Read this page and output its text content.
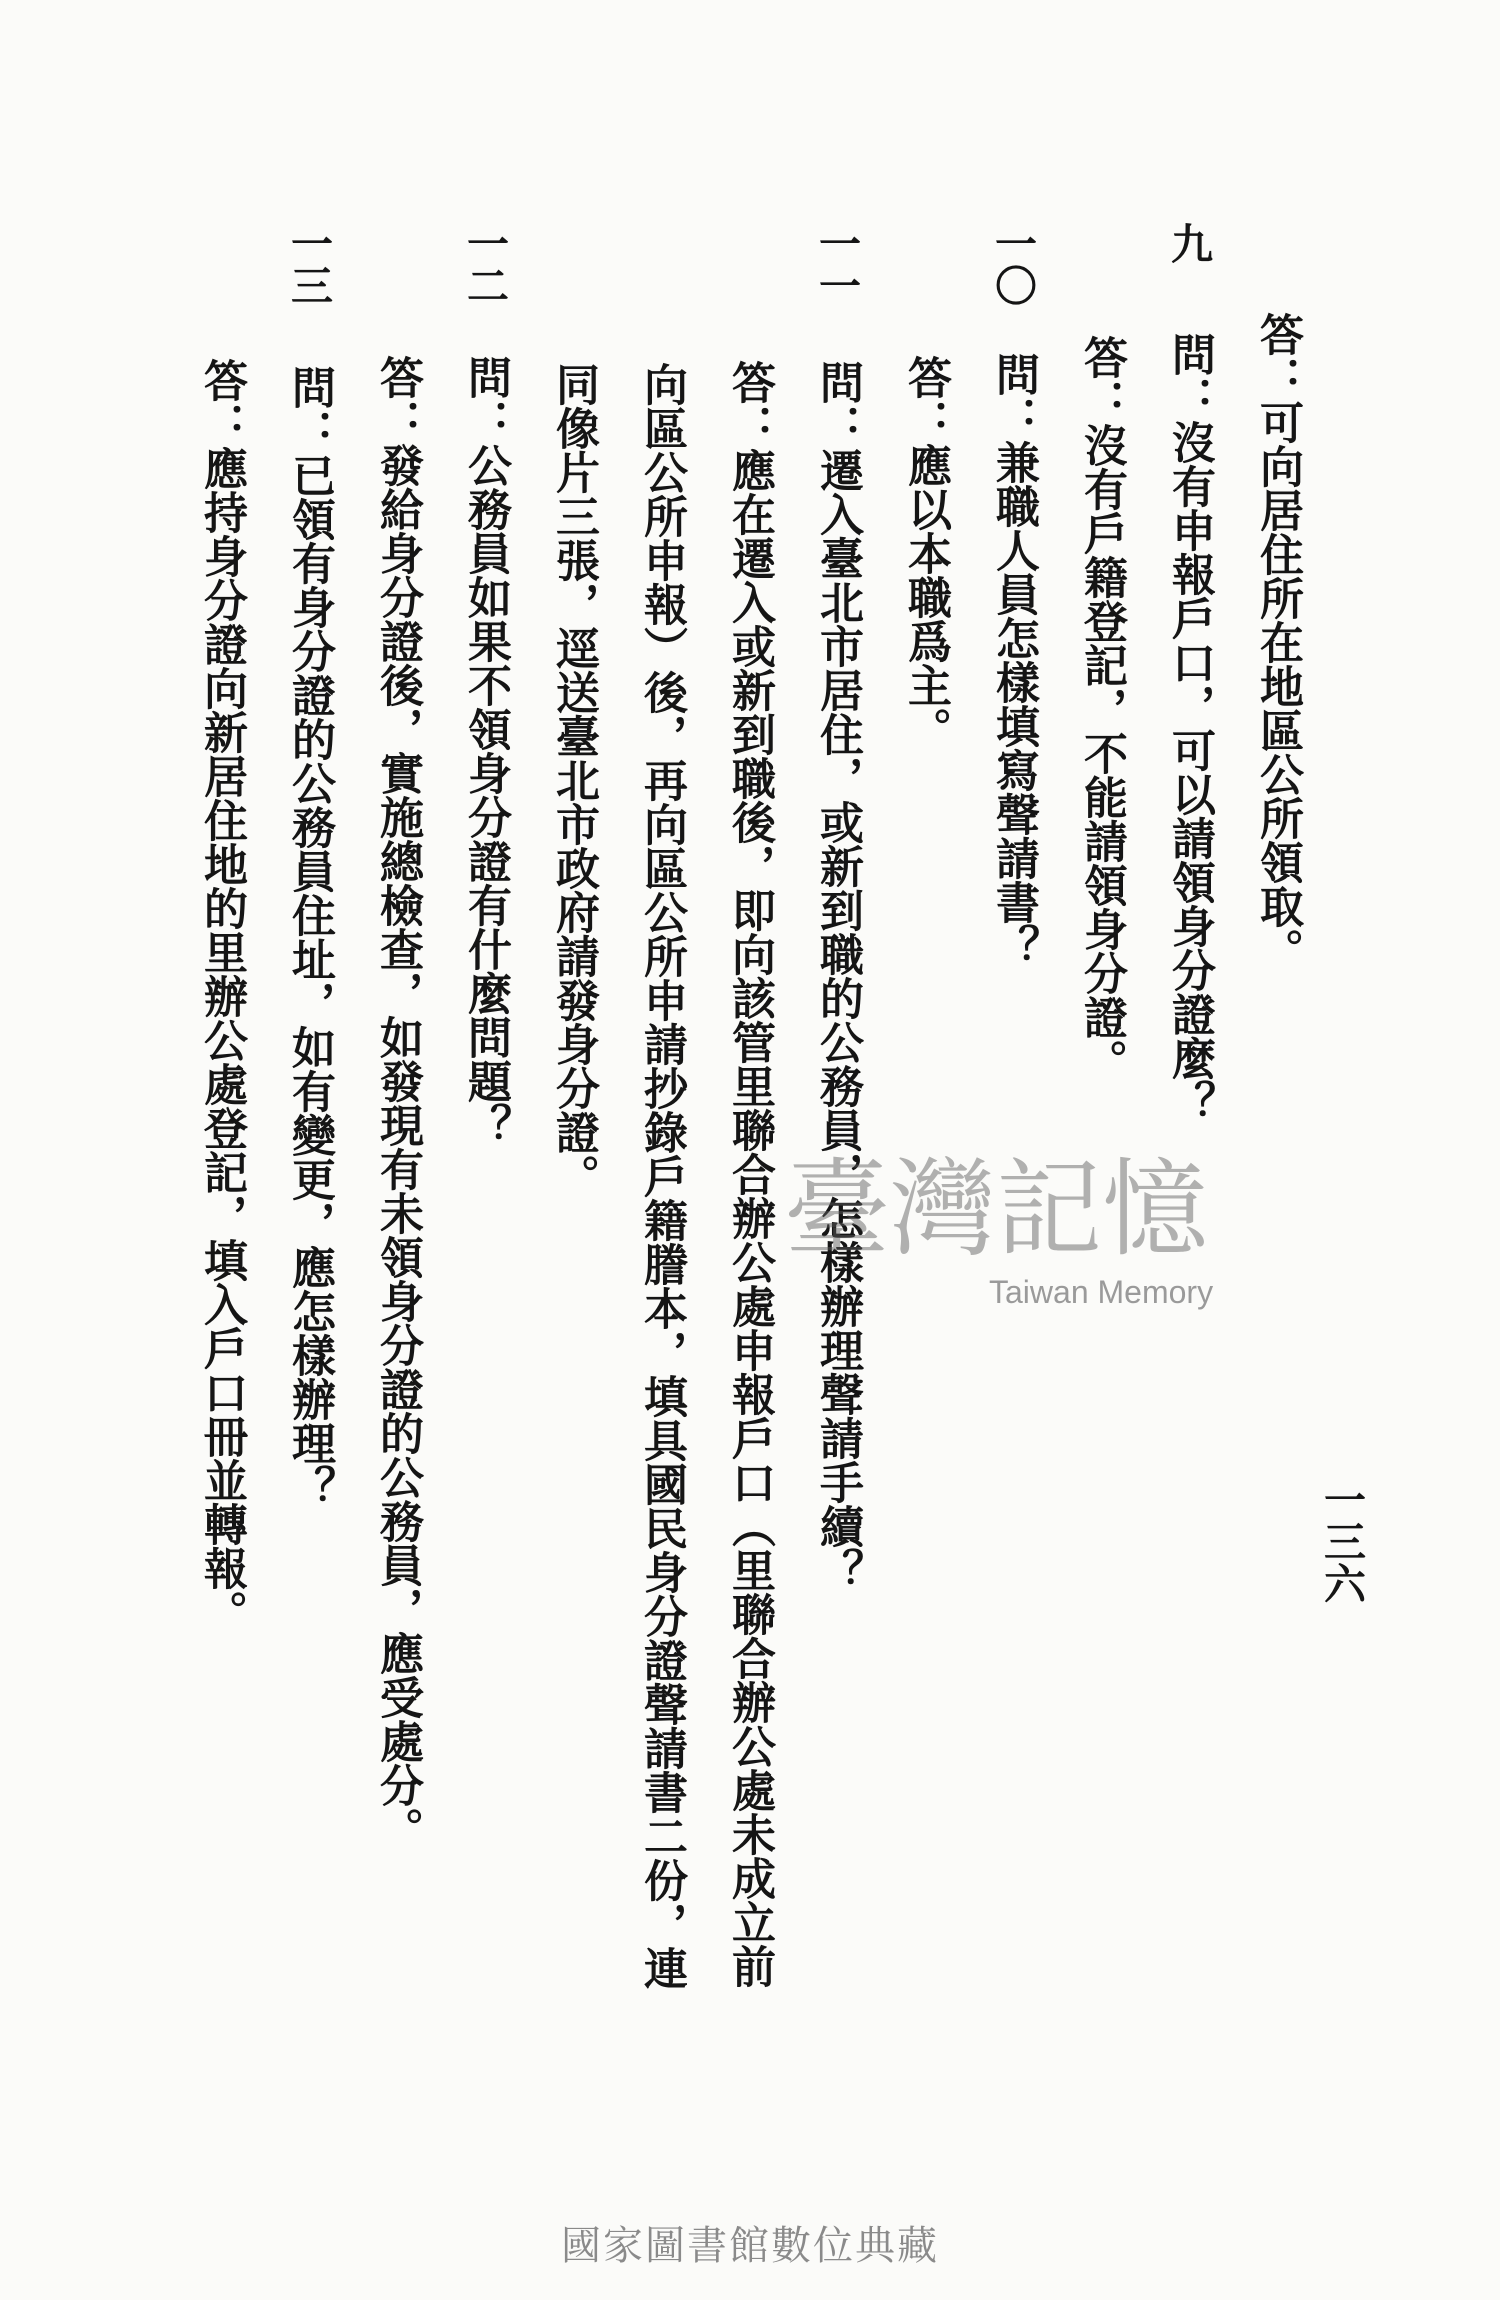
一三六
答：可向居住所在地區公所領取。
九
問：沒有申報戶口，可以請領身分證麼？
答：沒有戶籍登記，不能請領身分證。
一〇
問：兼職人員怎樣填寫聲請書？
答：應以本職爲主。
一一
問：遷入臺北市居住，或新到職的公務員，怎樣辦理聲請手續？
答：應在遷入或新到職後，即向該管里聯合辦公處申報戶口（里聯合辦公處未成立前
向區公所申報）後，再向區公所申請抄錄戶籍謄本，填具國民身分證聲請書二份，連
同像片三張，逕送臺北市政府請發身分證。
一二
問：公務員如果不領身分證有什麼問題？
答：發給身分證後，實施總檢查，如發現有未領身分證的公務員，應受處分。
一三
問：已領有身分證的公務員住址，如有變更，應怎樣辦理？
答：應持身分證向新居住地的里辦公處登記，填入戶口冊並轉報。	臺灣記憶
Taiwan Memory
國家圖書館數位典藏
